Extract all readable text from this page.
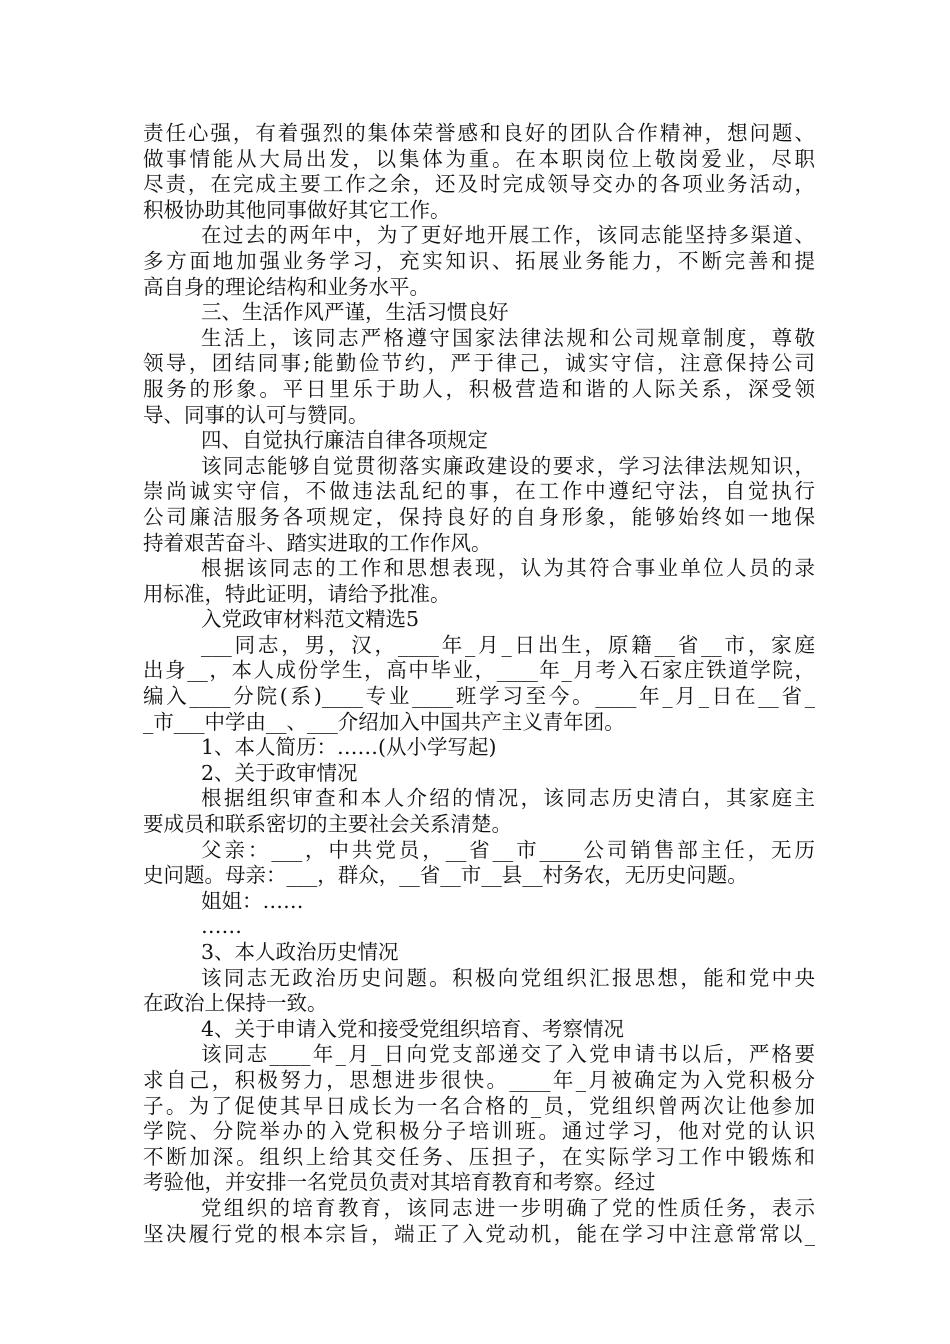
责任心强，有着强烈的集体荣誉感和良好的团队合作精神，想问题、
做事情能从大局出发，以集体为重。在本职岗位上敬岗爱业，尽职
尽责，在完成主要工作之余，还及时完成领导交办的各项业务活动，
积极协助其他同事做好其它工作。
在过去的两年中，为了更好地开展工作，该同志能坚持多渠道、
多方面地加强业务学习，充实知识、拓展业务能力，不断完善和提
高自身的理论结构和业务水平。
三、生活作风严谨，生活习惯良好
生活上，该同志严格遵守国家法律法规和公司规章制度，尊敬
领导，团结同事;能勤俭节约，严于律己，诚实守信，注意保持公司
服务的形象。平日里乐于助人，积极营造和谐的人际关系，深受领
导、同事的认可与赞同。
四、自觉执行廉洁自律各项规定
该同志能够自觉贯彻落实廉政建设的要求，学习法律法规知识，
崇尚诚实守信，不做违法乱纪的事，在工作中遵纪守法，自觉执行
公司廉洁服务各项规定，保持良好的自身形象，能够始终如一地保
持着艰苦奋斗、踏实进取的工作作风。
根据该同志的工作和思想表现，认为其符合事业单位人员的录
用标准，特此证明，请给予批准。
入党政审材料范文精选5
___同志，男，汉，____年_月_日出生，原籍__省__市，家庭
出身__，本人成份学生，高中毕业，____年_月考入石家庄铁道学院，
编入____分院(系)____专业____班学习至今。____年_月_日在__省_
_市___中学由__、___介绍加入中国共产主义青年团。
1、本人简历：……(从小学写起)
2、关于政审情况
根据组织审查和本人介绍的情况，该同志历史清白，其家庭主
要成员和联系密切的主要社会关系清楚。
父亲：___，中共党员，__省__市____公司销售部主任，无历
史问题。母亲：___，群众，__省__市__县__村务农，无历史问题。
姐姐：……
……
3、本人政治历史情况
该同志无政治历史问题。积极向党组织汇报思想，能和党中央
在政治上保持一致。
4、关于申请入党和接受党组织培育、考察情况
该同志____年_月_日向党支部递交了入党申请书以后，严格要
求自己，积极努力，思想进步很快。____年_月被确定为入党积极分
子。为了促使其早日成长为一名合格的_员，党组织曾两次让他参加
学院、分院举办的入党积极分子培训班。通过学习，他对党的认识
不断加深。组织上给其交任务、压担子，在实际学习工作中锻炼和
考验他，并安排一名党员负责对其培育教育和考察。经过
党组织的培育教育，该同志进一步明确了党的性质任务，表示
坚决履行党的根本宗旨，端正了入党动机，能在学习中注意常常以_
